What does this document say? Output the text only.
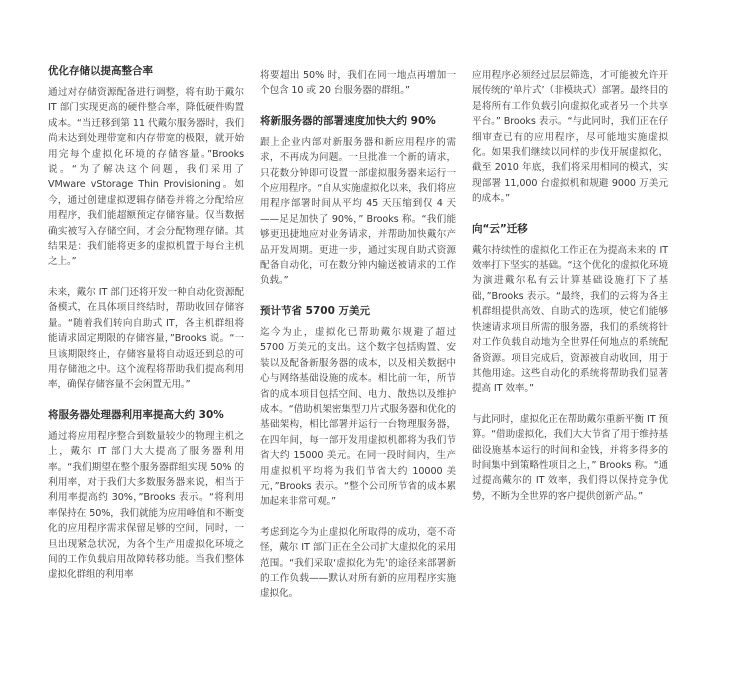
优化存储以提高整合率

通过对存储资源配备进行调整，将有助于戴尔 IT 部门实现更高的硬件整合率，降低硬件购置成本。“当迁移到第 11 代戴尔服务器时，我们尚未达到处理带宽和内存带宽的极限，就开始用完每个虚拟化环境的存储容量。”Brooks 说。“为了解决这个问题，我们采用了 VMware vStorage Thin Provisioning。如今，通过创建虚拟逻辑存储卷并将之分配给应用程序，我们能超额预定存储容量。仅当数据确实被写入存储空间，才会分配物理存储。其结果是：我们能将更多的虚拟机置于每台主机之上。”

未来，戴尔 IT 部门还将开发一种自动化资源配备模式，在具体项目终结时，帮助收回存储容量。“随着我们转向自助式 IT，各主机群组将能请求固定期限的存储容量，”Brooks 说。“一旦该期限终止，存储容量将自动返还到总的可用存储池之中。这个流程将帮助我们提高利用率，确保存储容量不会闲置无用。”

将服务器处理器利用率提高大约 30%

通过将应用程序整合到数量较少的物理主机之上，戴尔 IT 部门大大提高了服务器利用率。“我们期望在整个服务器群组实现 50% 的利用率，对于我们大多数服务器来说，相当于利用率提高约 30%，”Brooks 表示。“将利用率保持在 50%，我们就能为应用峰值和不断变化的应用程序需求保留足够的空间，同时，一旦出现紧急状况，为各个生产用虚拟化环境之间的工作负载启用故障转移功能。当我们整体虚拟化群组的利用率

将要超出 50% 时，我们在同一地点再增加一个包含 10 或 20 台服务器的群组。”

将新服务器的部署速度加快大约 90%

跟上企业内部对新服务器和新应用程序的需求，不再成为问题。一旦批准一个新的请求，只花数分钟即可设置一部虚拟服务器来运行一个应用程序。“自从实施虚拟化以来，我们将应用程序部署时间从平均 45 天压缩到仅 4 天——足足加快了 90%，” Brooks 称。“我们能够更迅捷地应对业务请求，并帮助加快戴尔产品开发周期。更进一步，通过实现自助式资源配备自动化，可在数分钟内输送被请求的工作负载。”

预计节省 5700 万美元

迄今为止，虚拟化已帮助戴尔规避了超过 5700 万美元的支出。这个数字包括购置、安装以及配备新服务器的成本，以及相关数据中心与网络基础设施的成本。相比前一年，所节省的成本项目包括空间、电力、散热以及维护成本。“借助机架密集型刀片式服务器和优化的基础架构，相比部署并运行一台物理服务器，在四年间，每一部开发用虚拟机都将为我们节省大约 15000 美元。在同一段时间内，生产用虚拟机平均将为我们节省大约 10000 美元，”Brooks 表示。“整个公司所节省的成本累加起来非常可观。”

考虑到迄今为止虚拟化所取得的成功，毫不奇怪，戴尔 IT 部门正在全公司扩大虚拟化的采用范围。“我们采取‘虚拟化为先’的途径来部署新的工作负载——默认对所有新的应用程序实施虚拟化。

应用程序必须经过层层筛选，才可能被允许开展传统的‘单片式’（非模块式）部署。最终目的是将所有工作负载引向虚拟化或者另一个共享平台。” Brooks 表示。“与此同时，我们正在仔细审查已有的应用程序，尽可能地实施虚拟化。如果我们继续以同样的步伐开展虚拟化，截至 2010 年底，我们将采用相同的模式，实现部署 11,000 台虚拟机和规避 9000 万美元的成本。”

向“云”迁移

戴尔持续性的虚拟化工作正在为提高未来的 IT 效率打下坚实的基础。“这个优化的虚拟化环境为演进戴尔私有云计算基础设施打下了基础，”Brooks 表示。“最终，我们的云将为各主机群组提供高效、自助式的选项，使它们能够快速请求项目所需的服务器，我们的系统将针对工作负载自动地为全世界任何地点的系统配备资源。项目完成后，资源被自动收回，用于其他用途。这些自动化的系统将帮助我们显著提高 IT 效率。”

与此同时，虚拟化正在帮助戴尔重新平衡 IT 预算。“借助虚拟化，我们大大节省了用于维持基础设施基本运行的时间和金钱，并将多得多的时间集中到策略性项目之上，” Brooks 称。“通过提高戴尔的 IT 效率，我们得以保持竞争优势，不断为全世界的客户提供创新产品。”
